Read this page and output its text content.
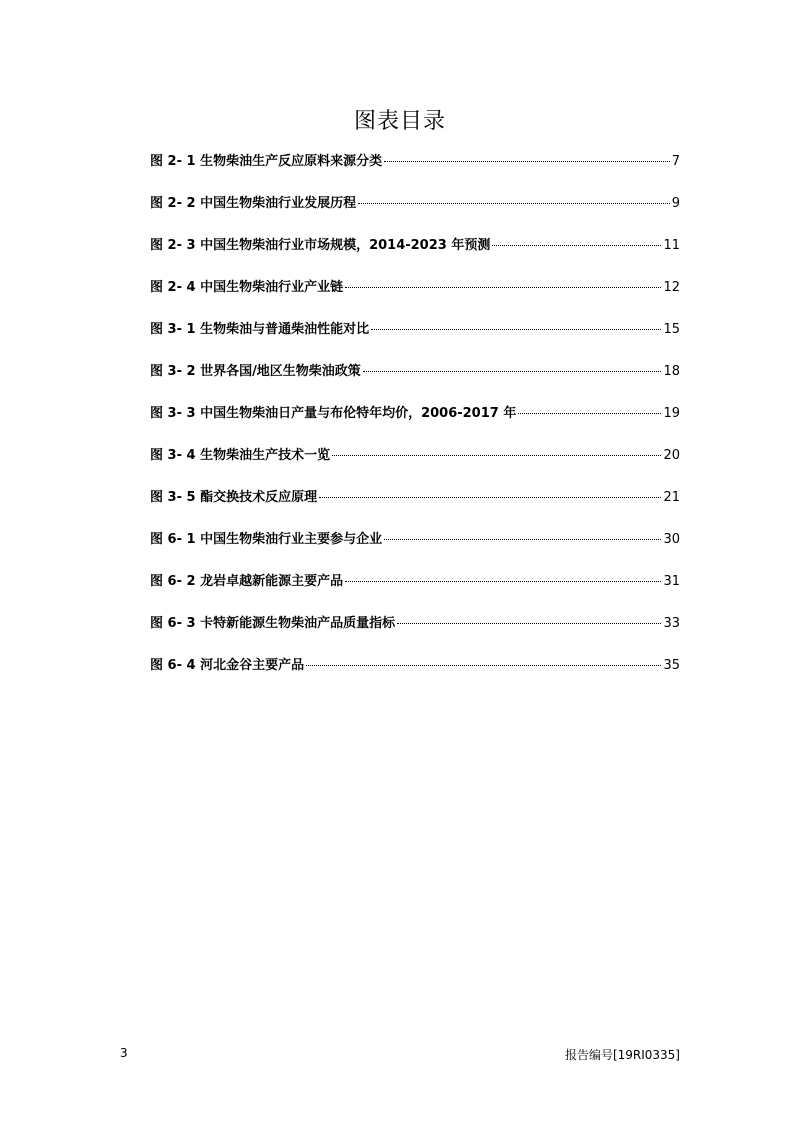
图表目录
图 2- 1 生物柴油生产反应原料来源分类	7
图 2- 2 中国生物柴油行业发展历程	9
图 2- 3 中国生物柴油行业市场规模，2014-2023 年预测	11
图 2- 4 中国生物柴油行业产业链	12
图 3- 1 生物柴油与普通柴油性能对比	15
图 3- 2 世界各国/地区生物柴油政策	18
图 3- 3 中国生物柴油日产量与布伦特年均价，2006-2017 年	19
图 3- 4 生物柴油生产技术一览	20
图 3- 5 酯交换技术反应原理	21
图 6- 1 中国生物柴油行业主要参与企业	30
图 6- 2 龙岩卓越新能源主要产品	31
图 6- 3 卡特新能源生物柴油产品质量指标	33
图 6- 4 河北金谷主要产品	35
3	报告编号[19RI0335]
